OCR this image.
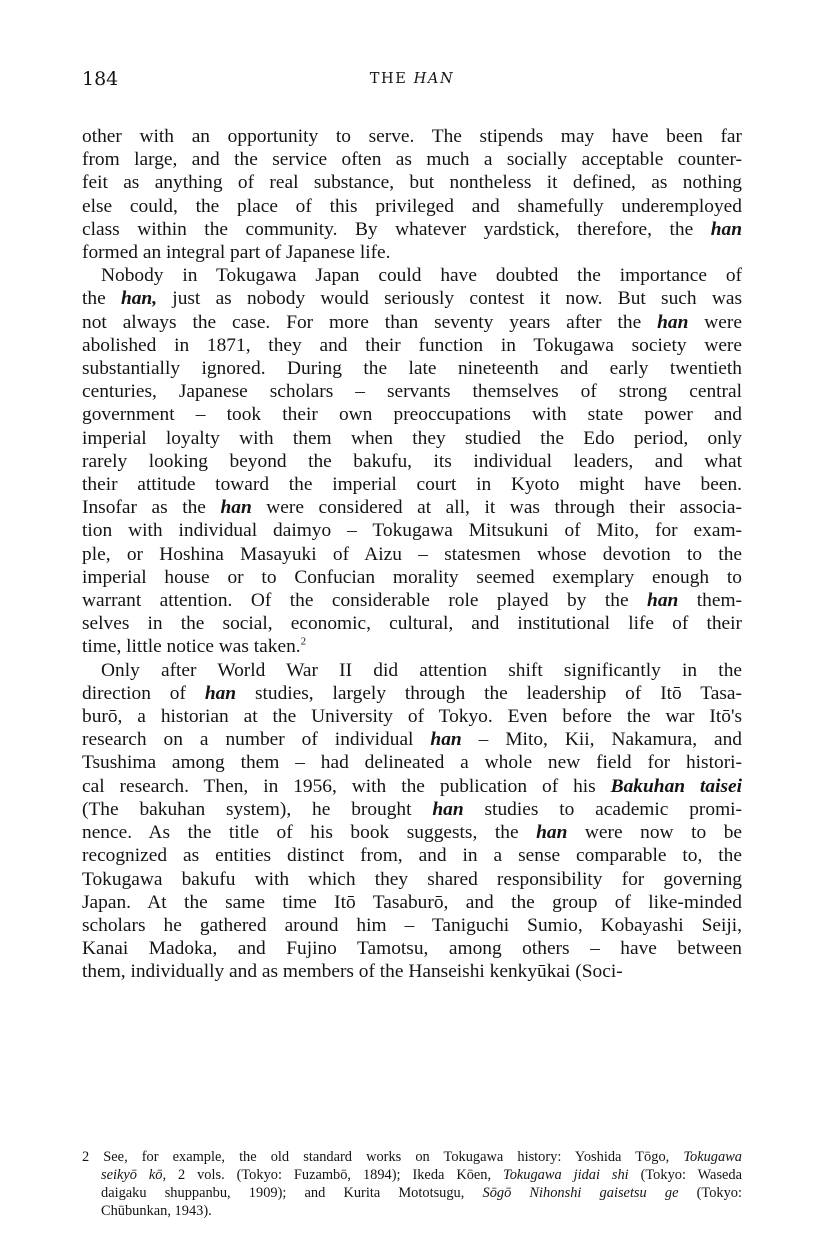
184	THE HAN
other with an opportunity to serve. The stipends may have been far
from large, and the service often as much a socially acceptable counter-
feit as anything of real substance, but nontheless it defined, as nothing
else could, the place of this privileged and shamefully underemployed
class within the community. By whatever yardstick, therefore, the han
formed an integral part of Japanese life.
Nobody in Tokugawa Japan could have doubted the importance of
the han, just as nobody would seriously contest it now. But such was
not always the case. For more than seventy years after the han were
abolished in 1871, they and their function in Tokugawa society were
substantially ignored. During the late nineteenth and early twentieth
centuries, Japanese scholars – servants themselves of strong central
government – took their own preoccupations with state power and
imperial loyalty with them when they studied the Edo period, only
rarely looking beyond the bakufu, its individual leaders, and what
their attitude toward the imperial court in Kyoto might have been.
Insofar as the han were considered at all, it was through their associa-
tion with individual daimyo – Tokugawa Mitsukuni of Mito, for exam-
ple, or Hoshina Masayuki of Aizu – statesmen whose devotion to the
imperial house or to Confucian morality seemed exemplary enough to
warrant attention. Of the considerable role played by the han them-
selves in the social, economic, cultural, and institutional life of their
time, little notice was taken.$^2$
Only after World War II did attention shift significantly in the
direction of han studies, largely through the leadership of Itō Tasa-
burō, a historian at the University of Tokyo. Even before the war Itō's
research on a number of individual han – Mito, Kii, Nakamura, and
Tsushima among them – had delineated a whole new field for histori-
cal research. Then, in 1956, with the publication of his Bakuhan taisei
(The bakuhan system), he brought han studies to academic promi-
nence. As the title of his book suggests, the han were now to be
recognized as entities distinct from, and in a sense comparable to, the
Tokugawa bakufu with which they shared responsibility for governing
Japan. At the same time Itō Tasaburō, and the group of like-minded
scholars he gathered around him – Taniguchi Sumio, Kobayashi Seiji,
Kanai Madoka, and Fujino Tamotsu, among others – have between
them, individually and as members of the Hanseishi kenkyūkai (Soci-
2 See, for example, the old standard works on Tokugawa history: Yoshida Tōgo, Tokugawa
seikyō kō, 2 vols. (Tokyo: Fuzambō, 1894); Ikeda Kōen, Tokugawa jidai shi (Tokyo: Waseda
daigaku shuppanbu, 1909); and Kurita Mototsugu, Sōgō Nihonshi gaisetsu ge (Tokyo:
Chūbunkan, 1943).
